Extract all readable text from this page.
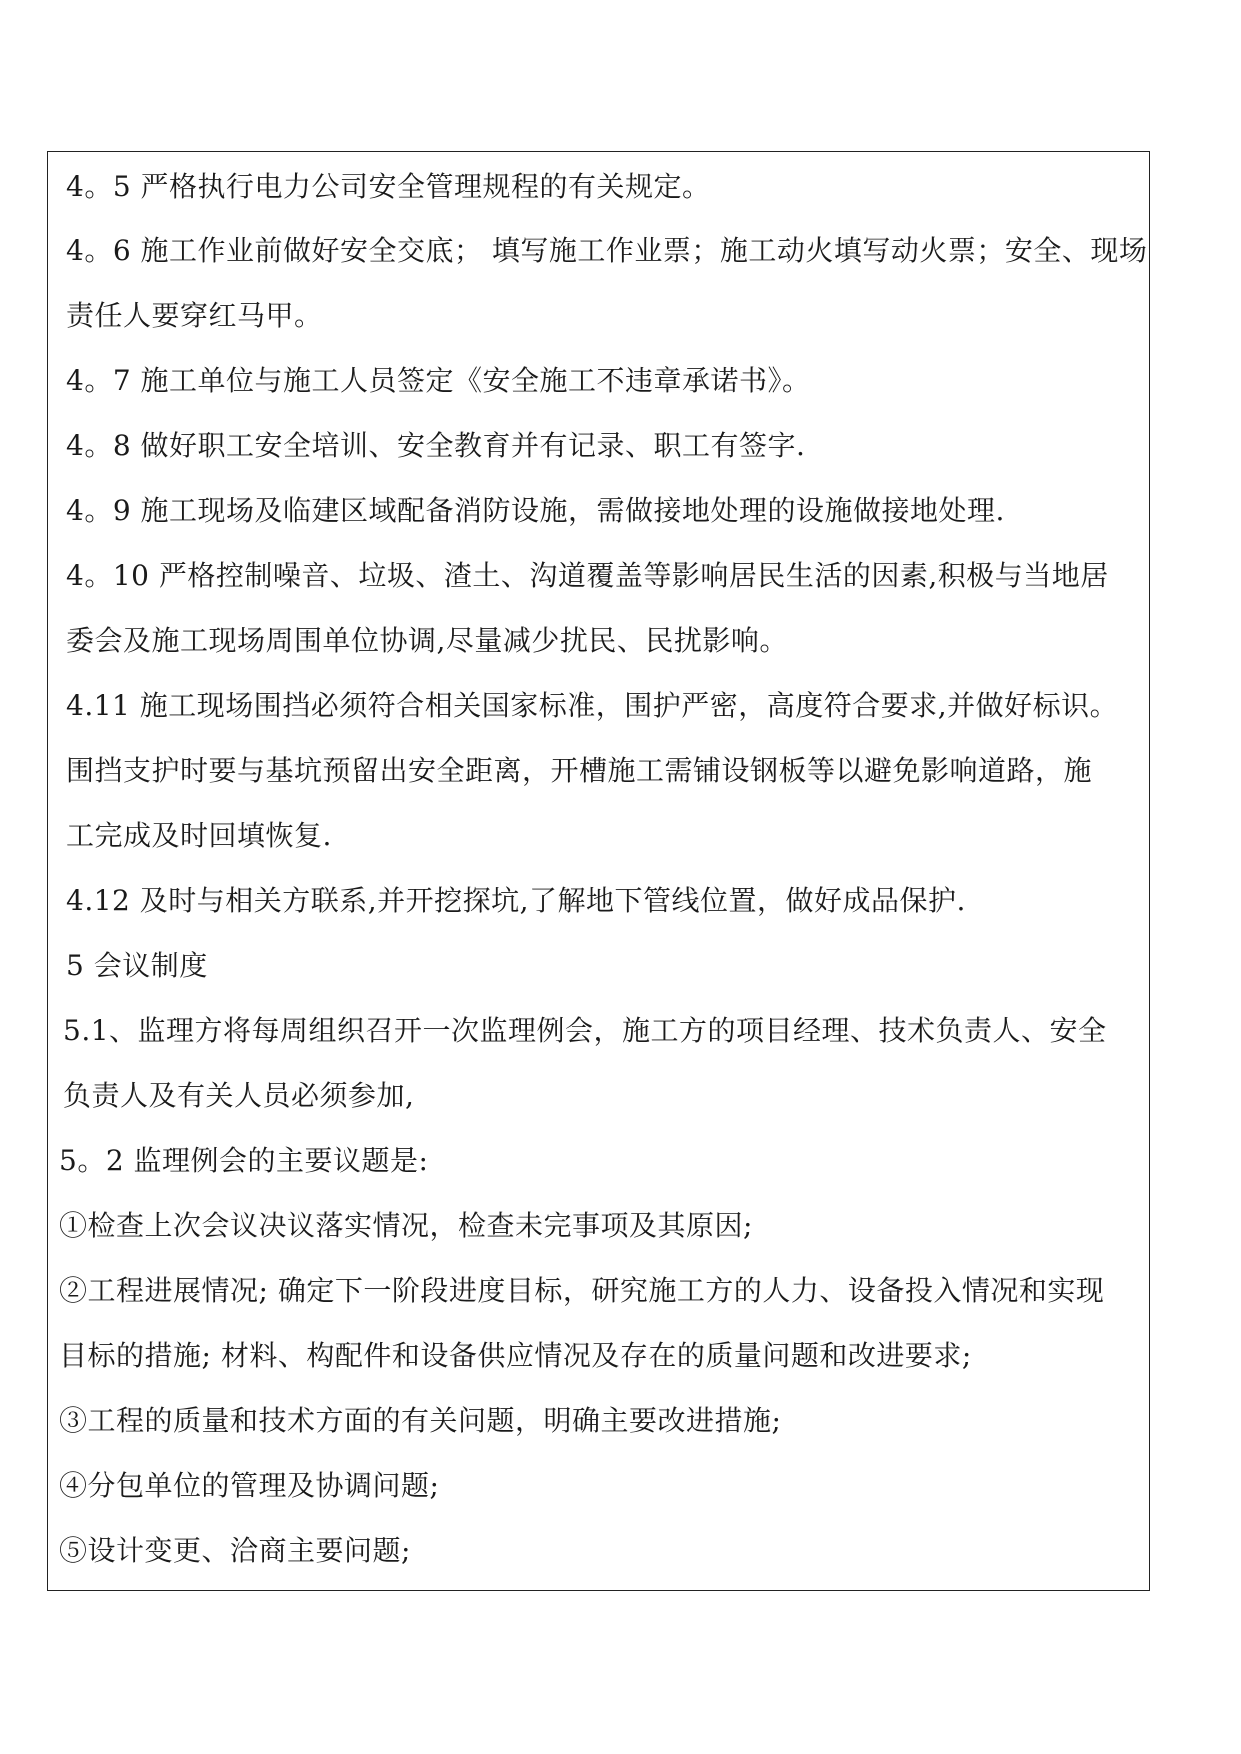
4。5 严格执行电力公司安全管理规程的有关规定。
4。6 施工作业前做好安全交底； 填写施工作业票；施工动火填写动火票；安全、现场
责任人要穿红马甲。
4。7 施工单位与施工人员签定《安全施工不违章承诺书》。
4。8 做好职工安全培训、安全教育并有记录、职工有签字.
4。9 施工现场及临建区域配备消防设施，需做接地处理的设施做接地处理.
4。10 严格控制噪音、垃圾、渣土、沟道覆盖等影响居民生活的因素,积极与当地居
委会及施工现场周围单位协调,尽量减少扰民、民扰影响。
4.11 施工现场围挡必须符合相关国家标准，围护严密，高度符合要求,并做好标识。
围挡支护时要与基坑预留出安全距离，开槽施工需铺设钢板等以避免影响道路，施
工完成及时回填恢复.
4.12 及时与相关方联系,并开挖探坑,了解地下管线位置，做好成品保护.
5 会议制度
5.1、监理方将每周组织召开一次监理例会，施工方的项目经理、技术负责人、安全
负责人及有关人员必须参加,
5。2 监理例会的主要议题是:
①检查上次会议决议落实情况，检查未完事项及其原因;
②工程进展情况; 确定下一阶段进度目标，研究施工方的人力、设备投入情况和实现
目标的措施; 材料、构配件和设备供应情况及存在的质量问题和改进要求;
③工程的质量和技术方面的有关问题，明确主要改进措施;
④分包单位的管理及协调问题;
⑤设计变更、洽商主要问题;
